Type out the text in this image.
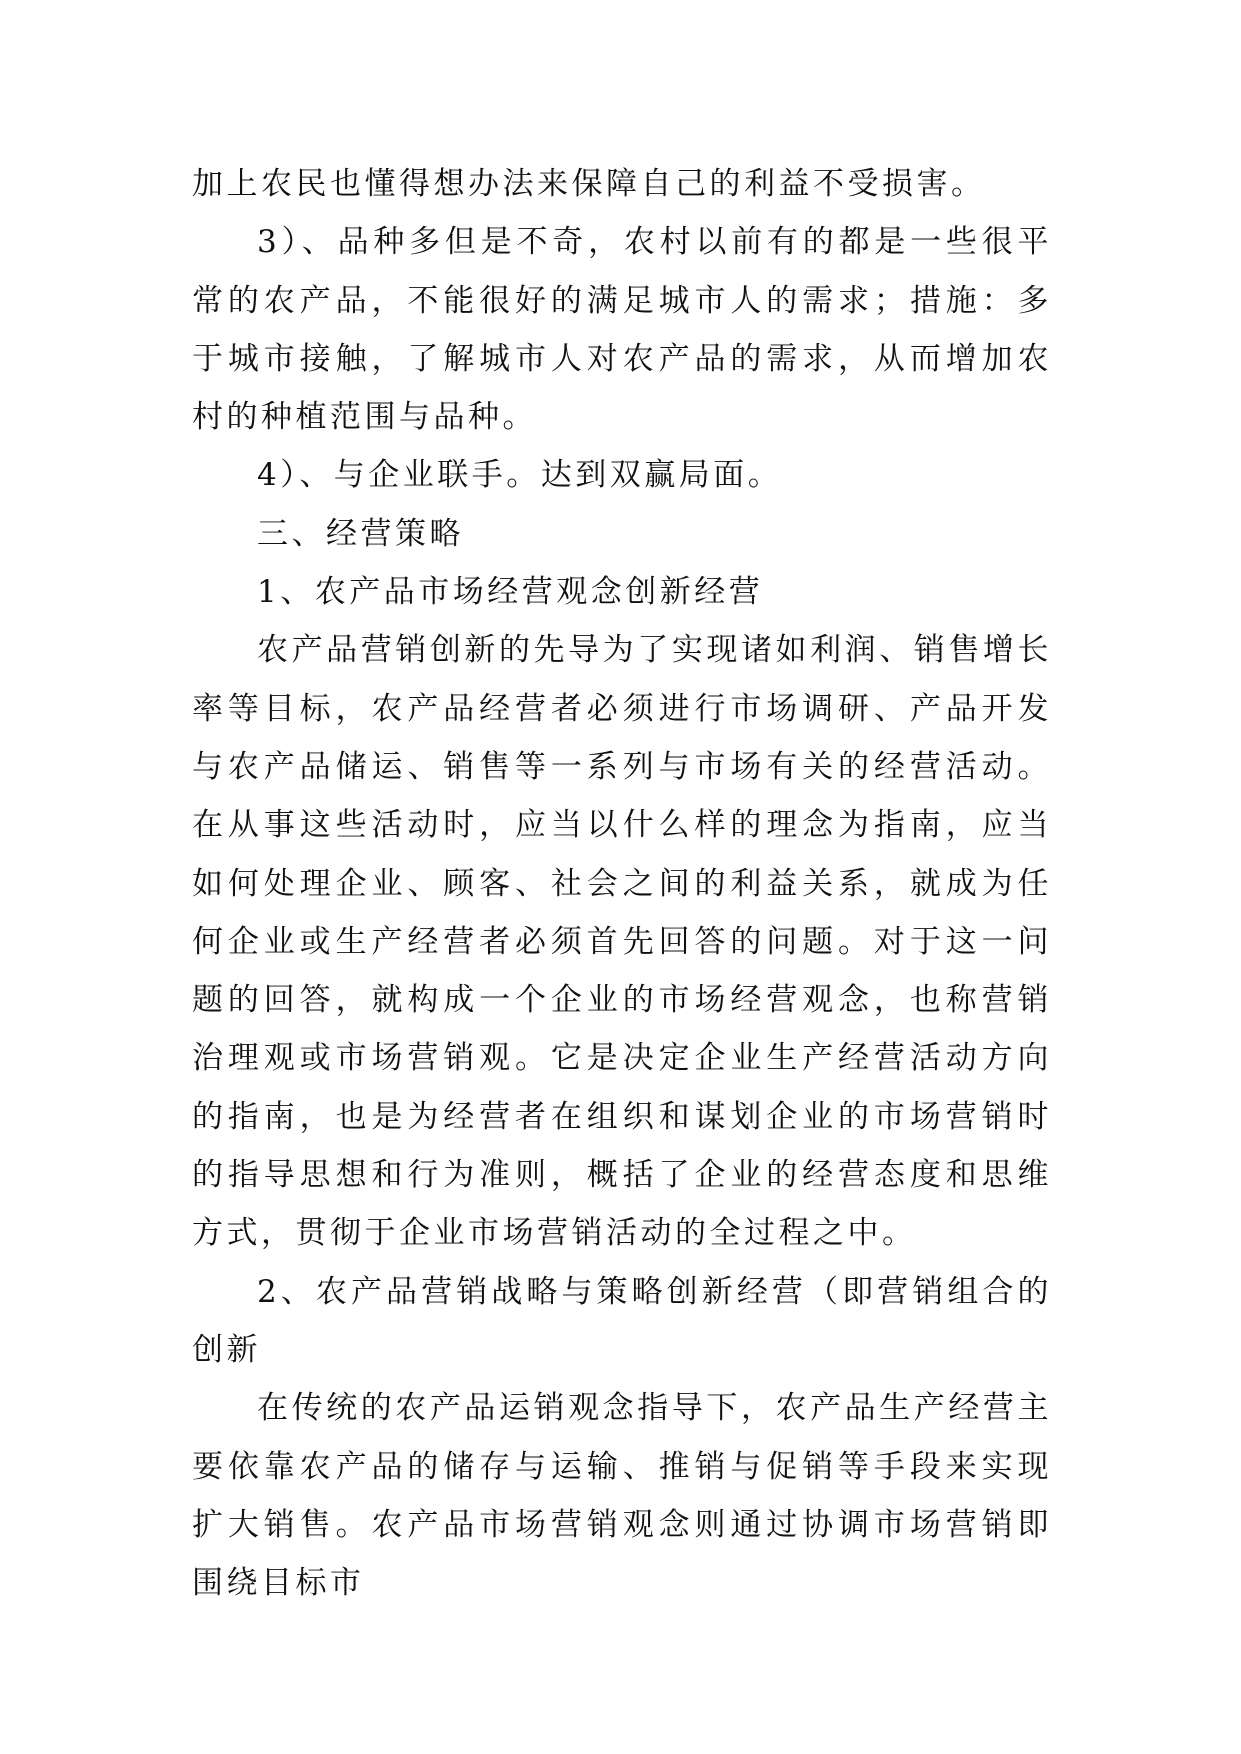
加上农民也懂得想办法来保障自己的利益不受损害。

3）、品种多但是不奇，农村以前有的都是一些很平常的农产品，不能很好的满足城市人的需求；措施：多于城市接触，了解城市人对农产品的需求，从而增加农村的种植范围与品种。

4）、与企业联手。达到双赢局面。

三、经营策略

1、农产品市场经营观念创新经营

农产品营销创新的先导为了实现诸如利润、销售增长率等目标，农产品经营者必须进行市场调研、产品开发与农产品储运、销售等一系列与市场有关的经营活动。在从事这些活动时，应当以什么样的理念为指南，应当如何处理企业、顾客、社会之间的利益关系，就成为任何企业或生产经营者必须首先回答的问题。对于这一问题的回答，就构成一个企业的市场经营观念，也称营销治理观或市场营销观。它是决定企业生产经营活动方向的指南，也是为经营者在组织和谋划企业的市场营销时的指导思想和行为准则，概括了企业的经营态度和思维方式，贯彻于企业市场营销活动的全过程之中。

2、农产品营销战略与策略创新经营（即营销组合的创新

在传统的农产品运销观念指导下，农产品生产经营主要依靠农产品的储存与运输、推销与促销等手段来实现扩大销售。农产品市场营销观念则通过协调市场营销即围绕目标市
